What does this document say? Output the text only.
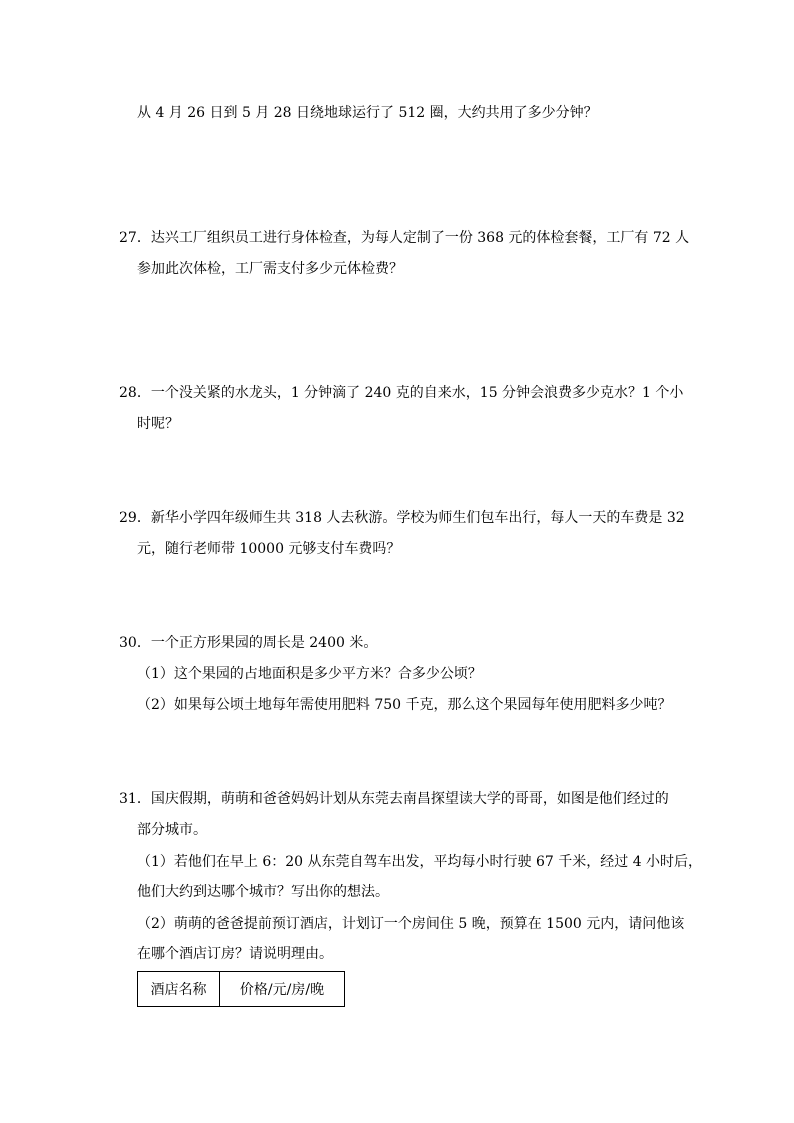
从 4 月 26 日到 5 月 28 日绕地球运行了 512 圈，大约共用了多少分钟？
27．达兴工厂组织员工进行身体检查，为每人定制了一份 368 元的体检套餐，工厂有 72 人
参加此次体检，工厂需支付多少元体检费？
28．一个没关紧的水龙头，1 分钟滴了 240 克的自来水，15 分钟会浪费多少克水？1 个小
时呢？
29．新华小学四年级师生共 318 人去秋游。学校为师生们包车出行，每人一天的车费是 32
元，随行老师带 10000 元够支付车费吗？
30．一个正方形果园的周长是 2400 米。
（1）这个果园的占地面积是多少平方米？合多少公顷？
（2）如果每公顷土地每年需使用肥料 750 千克，那么这个果园每年使用肥料多少吨？
31．国庆假期，萌萌和爸爸妈妈计划从东莞去南昌探望读大学的哥哥，如图是他们经过的
部分城市。
（1）若他们在早上 6：20 从东莞自驾车出发，平均每小时行驶 67 千米，经过 4 小时后，
他们大约到达哪个城市？写出你的想法。
（2）萌萌的爸爸提前预订酒店，计划订一个房间住 5 晚，预算在 1500 元内，请问他该
在哪个酒店订房？请说明理由。
酒店名称	价格/元/房/晚
